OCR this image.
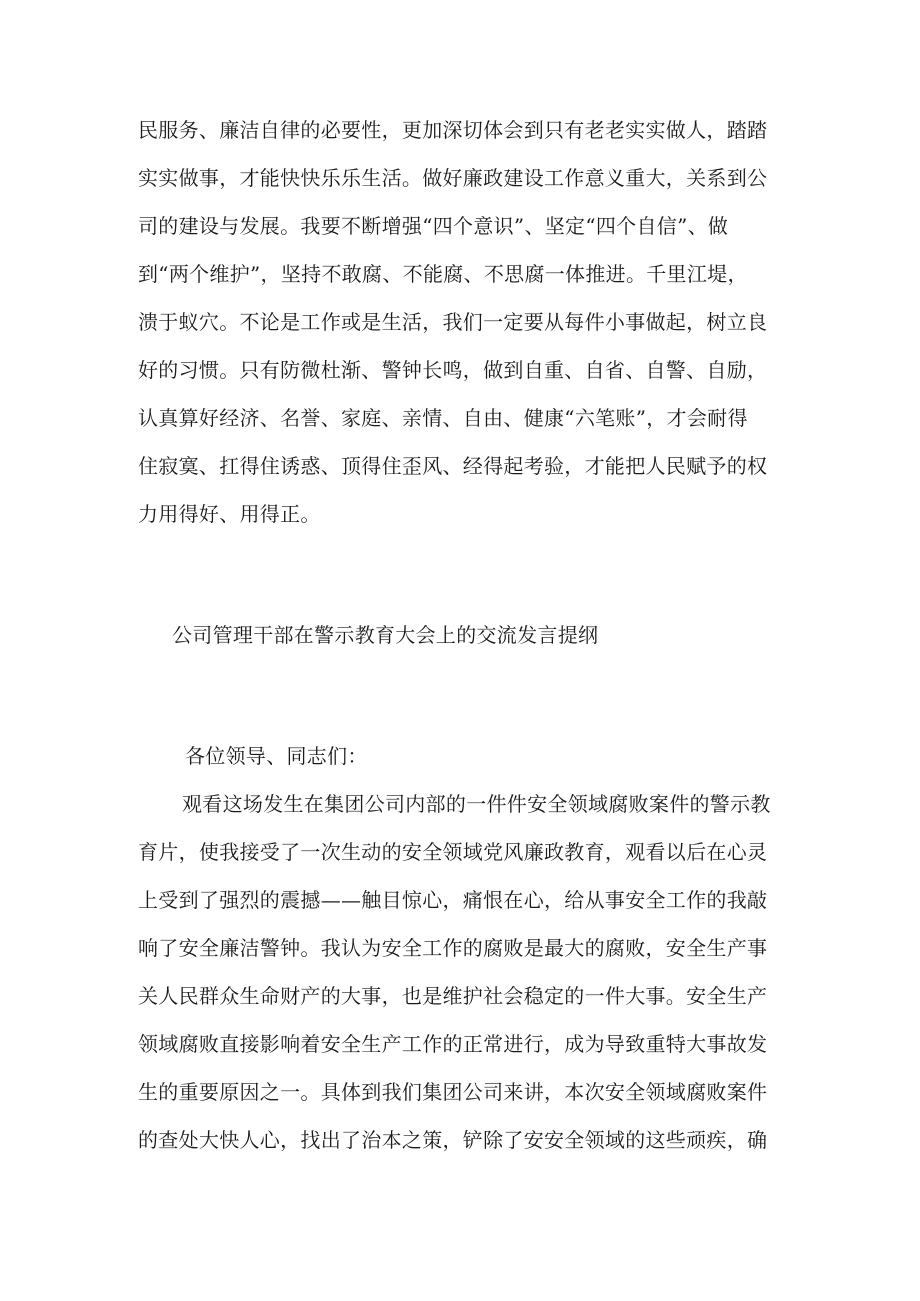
民服务、廉洁自律的必要性，更加深切体会到只有老老实实做人，踏踏
实实做事，才能快快乐乐生活。做好廉政建设工作意义重大，关系到公
司的建设与发展。我要不断增强“四个意识”、坚定“四个自信”、做
到“两个维护”，坚持不敢腐、不能腐、不思腐一体推进。千里江堤，
溃于蚁穴。不论是工作或是生活，我们一定要从每件小事做起，树立良
好的习惯。只有防微杜渐、警钟长鸣，做到自重、自省、自警、自励，
认真算好经济、名誉、家庭、亲情、自由、健康“六笔账”，才会耐得
住寂寞、扛得住诱惑、顶得住歪风、经得起考验，才能把人民赋予的权
力用得好、用得正。
公司管理干部在警示教育大会上的交流发言提纲
各位领导、同志们：
观看这场发生在集团公司内部的一件件安全领域腐败案件的警示教
育片，使我接受了一次生动的安全领域党风廉政教育，观看以后在心灵
上受到了强烈的震撼——触目惊心，痛恨在心，给从事安全工作的我敲
响了安全廉洁警钟。我认为安全工作的腐败是最大的腐败，安全生产事
关人民群众生命财产的大事，也是维护社会稳定的一件大事。安全生产
领域腐败直接影响着安全生产工作的正常进行，成为导致重特大事故发
生的重要原因之一。具体到我们集团公司来讲，本次安全领域腐败案件
的查处大快人心，找出了治本之策，铲除了安安全领域的这些顽疾，确
